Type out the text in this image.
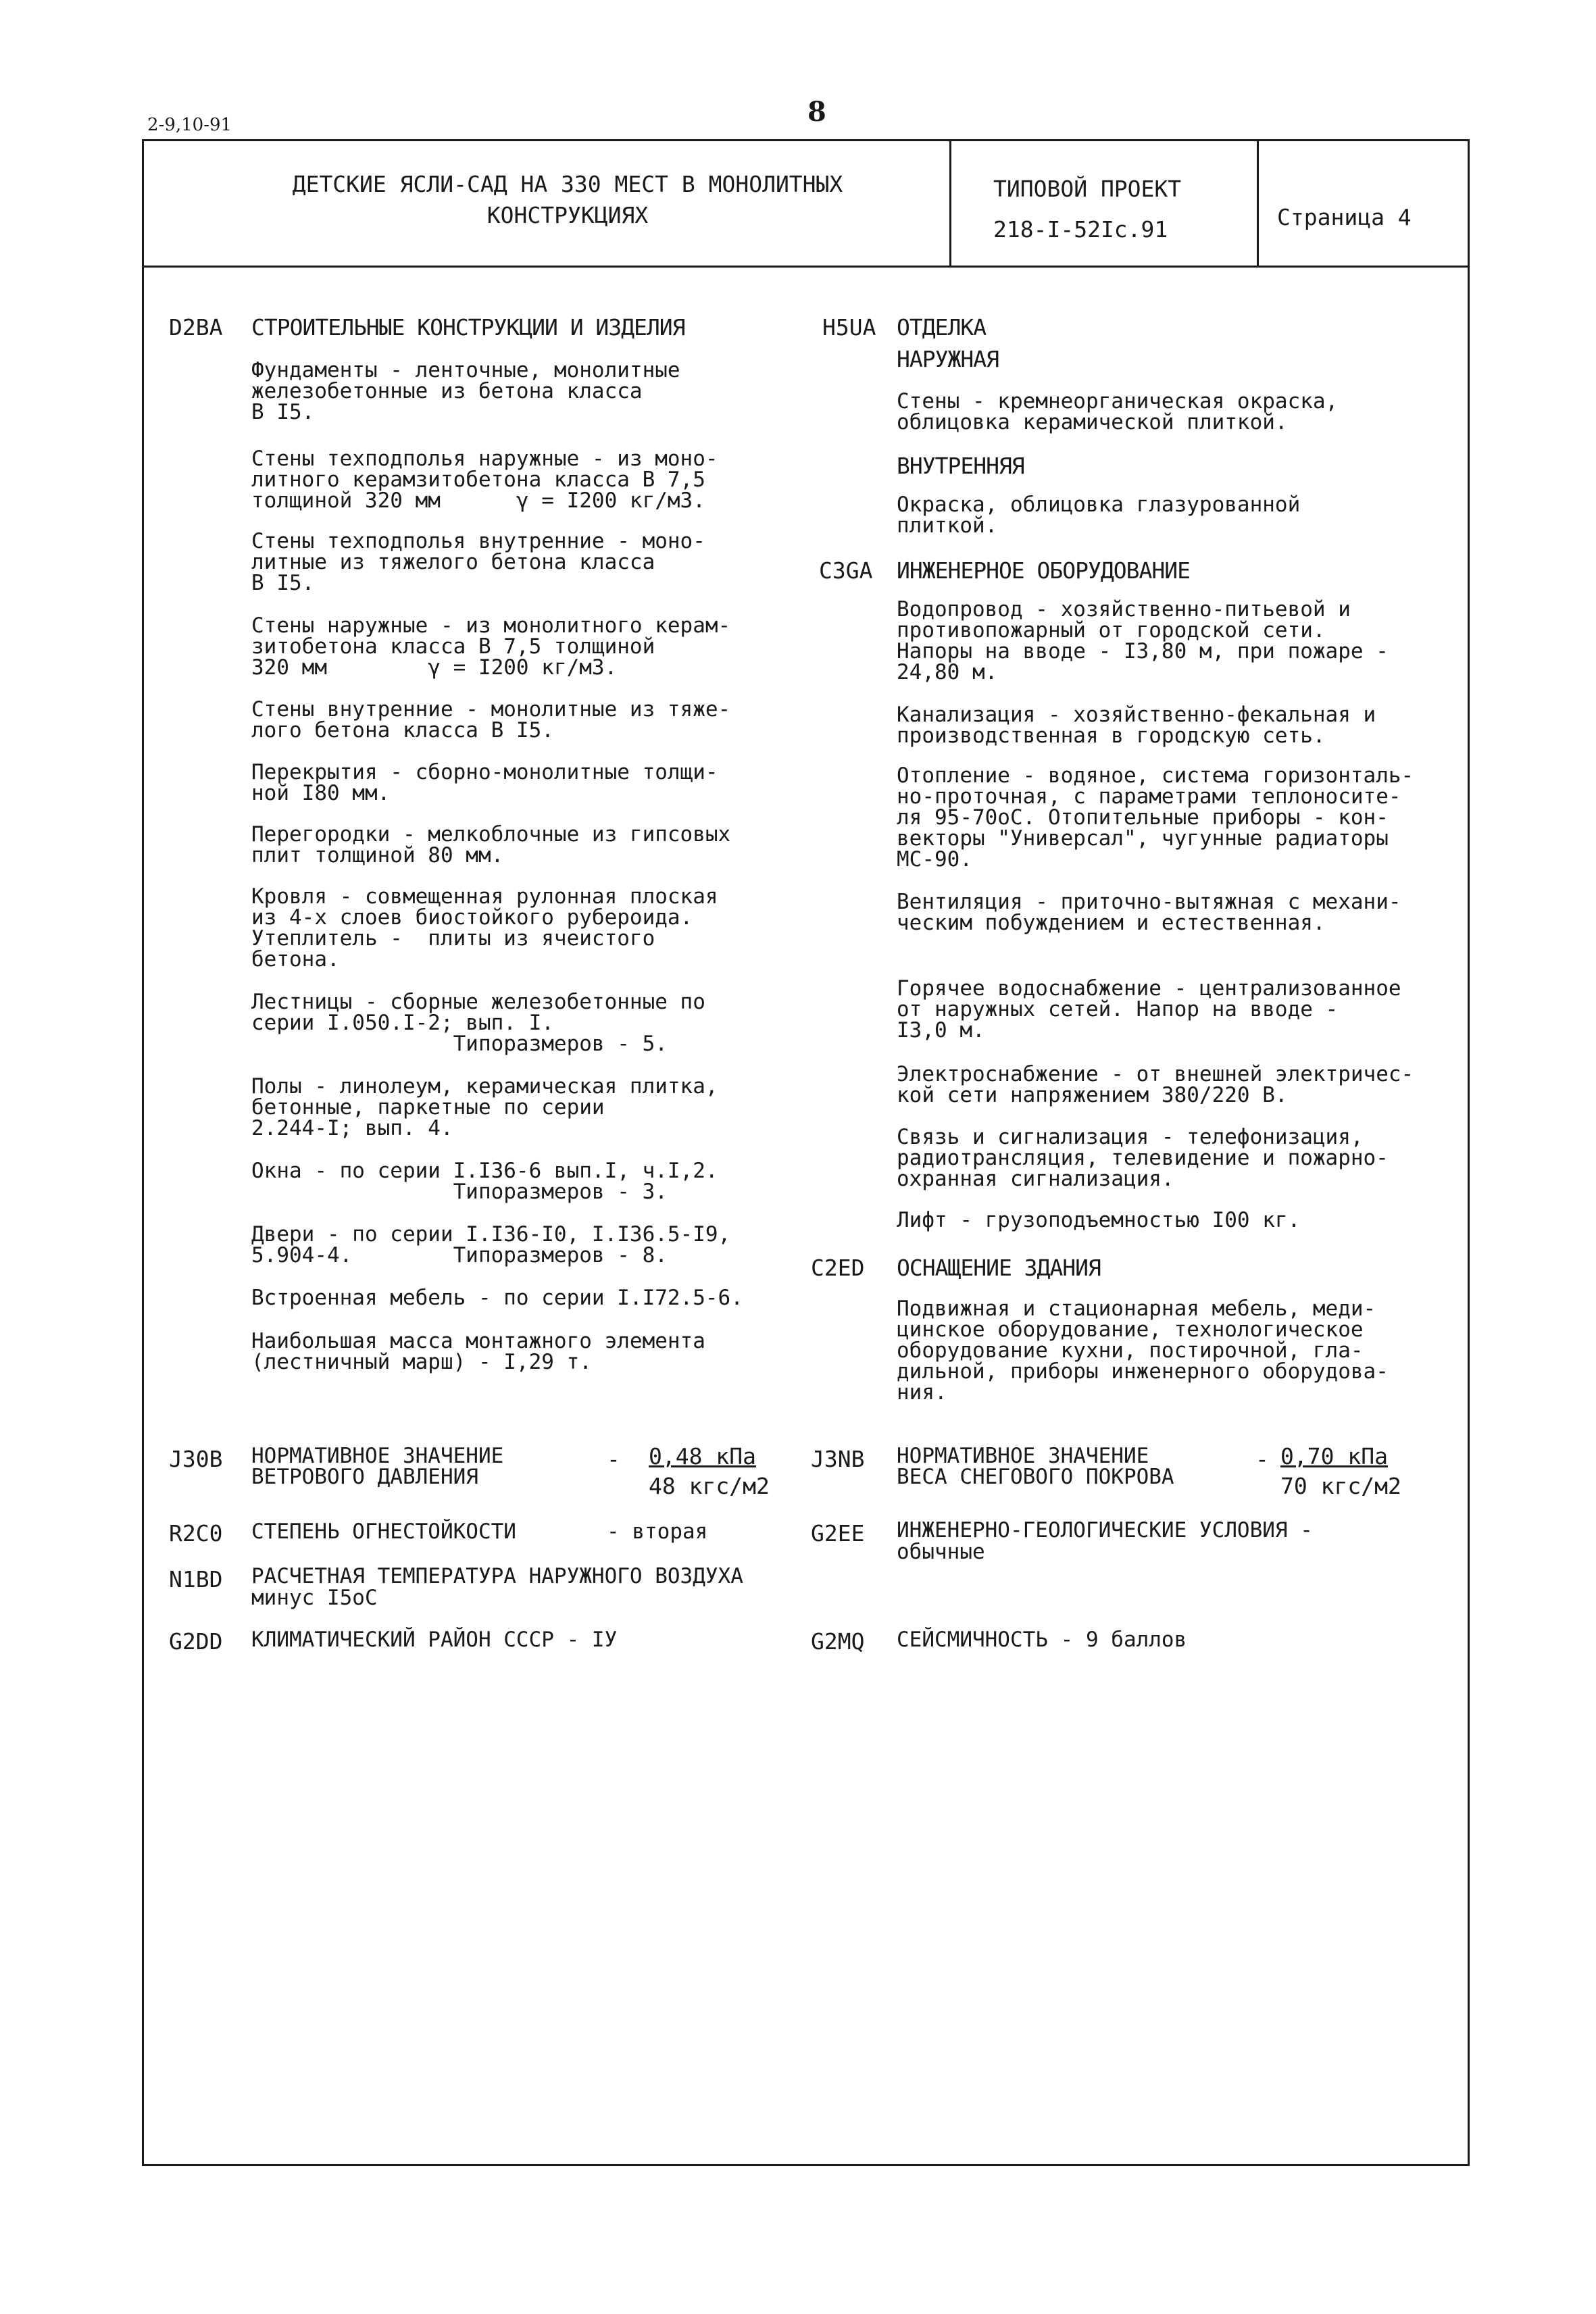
2-9,10-91	8
ДЕТСКИЕ ЯСЛИ-САД НА 330 МЕСТ В МОНОЛИТНЫХ
КОНСТРУКЦИЯХ
ТИПОВОЙ ПРОЕКТ
218-I-52Iс.91	Страница 4
D2BA СТРОИТЕЛЬНЫЕ КОНСТРУКЦИИ И ИЗДЕЛИЯ
Фундаменты - ленточные, монолитные
железобетонные из бетона класса
В I5.
Стены техподполья наружные - из моно-
литного керамзитобетона класса В 7,5
толщиной 320 мм      γ = I200 кг/м3.
Стены техподполья внутренние - моно-
литные из тяжелого бетона класса
В I5.
Стены наружные - из монолитного керам-
зитобетона класса В 7,5 толщиной
320 мм        γ = I200 кг/м3.
Стены внутренние - монолитные из тяже-
лого бетона класса В I5.
Перекрытия - сборно-монолитные толщи-
ной I80 мм.
Перегородки - мелкоблочные из гипсовых
плит толщиной 80 мм.
Кровля - совмещенная рулонная плоская
из 4-х слоев биостойкого рубероида.
Утеплитель -  плиты из ячеистого
бетона.
Лестницы - сборные железобетонные по
серии I.050.I-2; вып. I.
Типоразмеров - 5.
Полы - линолеум, керамическая плитка,
бетонные, паркетные по серии
2.244-I; вып. 4.
Окна - по серии I.I36-6 вып.I, ч.I,2.
Типоразмеров - 3.
Двери - по серии I.I36-I0, I.I36.5-I9,
5.904-4.        Типоразмеров - 8.
Встроенная мебель - по серии I.I72.5-6.
Наибольшая масса монтажного элемента
(лестничный марш) - I,29 т.
H5UA ОТДЕЛКА
НАРУЖНАЯ
Стены - кремнеорганическая окраска,
облицовка керамической плиткой.
ВНУТРЕННЯЯ
Окраска, облицовка глазурованной
плиткой.
C3GA ИНЖЕНЕРНОЕ ОБОРУДОВАНИЕ
Водопровод - хозяйственно-питьевой и
противопожарный от городской сети.
Напоры на вводе - I3,80 м, при пожаре -
24,80 м.
Канализация - хозяйственно-фекальная и
производственная в городскую сеть.
Отопление - водяное, система горизонталь-
но-проточная, с параметрами теплоносите-
ля 95-70оС. Отопительные приборы - кон-
векторы "Универсал", чугунные радиаторы
МС-90.
Вентиляция - приточно-вытяжная с механи-
ческим побуждением и естественная.
Горячее водоснабжение - централизованное
от наружных сетей. Напор на вводе -
I3,0 м.
Электроснабжение - от внешней электричес-
кой сети напряжением 380/220 В.
Связь и сигнализация - телефонизация,
радиотрансляция, телевидение и пожарно-
охранная сигнализация.
Лифт - грузоподъемностью I00 кг.
C2ED ОСНАЩЕНИЕ ЗДАНИЯ
Подвижная и стационарная мебель, меди-
цинское оборудование, технологическое
оборудование кухни, постирочной, гла-
дильной, приборы инженерного оборудова-
ния.
J30B НОРМАТИВНОЕ ЗНАЧЕНИЕ
ВЕТРОВОГО ДАВЛЕНИЯ
- 0,48 кПа
48 кгс/м2
J3NB НОРМАТИВНОЕ ЗНАЧЕНИЕ
ВЕСА СНЕГОВОГО ПОКРОВА
- 0,70 кПа
70 кгс/м2
R2C0 СТЕПЕНЬ ОГНЕСТОЙКОСТИ	- вторая	G2EE ИНЖЕНЕРНО-ГЕОЛОГИЧЕСКИЕ УСЛОВИЯ -
обычные
N1BD РАСЧЕТНАЯ ТЕМПЕРАТУРА НАРУЖНОГО ВОЗДУХА
минус I5оС
G2DD КЛИМАТИЧЕСКИЙ РАЙОН СССР - IУ	G2MQ СЕЙСМИЧНОСТЬ - 9 баллов
